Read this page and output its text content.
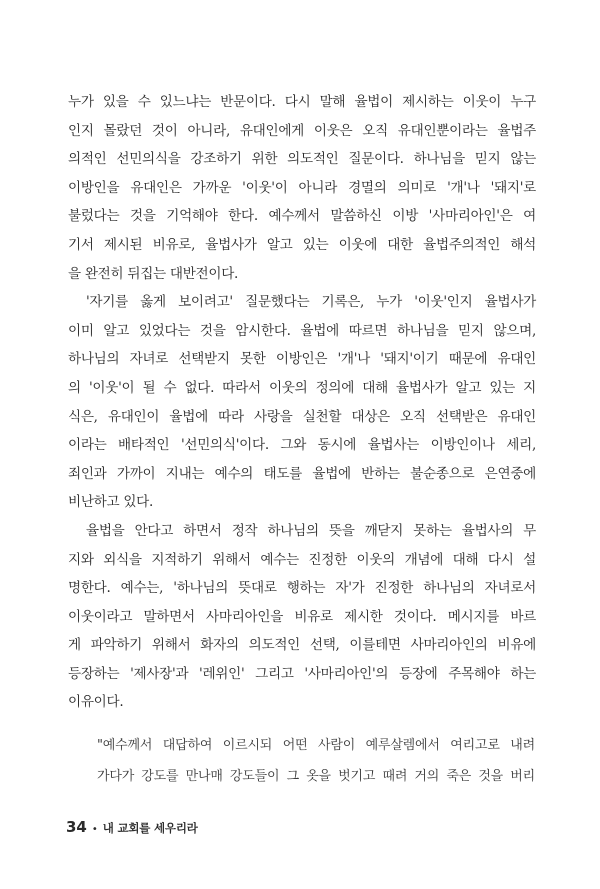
누가 있을 수 있느냐는 반문이다. 다시 말해 율법이 제시하는 이웃이 누구
인지 몰랐던 것이 아니라, 유대인에게 이웃은 오직 유대인뿐이라는 율법주
의적인 선민의식을 강조하기 위한 의도적인 질문이다. 하나님을 믿지 않는
이방인을 유대인은 가까운 '이웃'이 아니라 경멸의 의미로 '개'나 '돼지'로
불렀다는 것을 기억해야 한다. 예수께서 말씀하신 이방 '사마리아인'은 여
기서 제시된 비유로, 율법사가 알고 있는 이웃에 대한 율법주의적인 해석
을 완전히 뒤집는 대반전이다.
'자기를 옳게 보이려고' 질문했다는 기록은, 누가 '이웃'인지 율법사가
이미 알고 있었다는 것을 암시한다. 율법에 따르면 하나님을 믿지 않으며,
하나님의 자녀로 선택받지 못한 이방인은 '개'나 '돼지'이기 때문에 유대인
의 '이웃'이 될 수 없다. 따라서 이웃의 정의에 대해 율법사가 알고 있는 지
식은, 유대인이 율법에 따라 사랑을 실천할 대상은 오직 선택받은 유대인
이라는 배타적인 '선민의식'이다. 그와 동시에 율법사는 이방인이나 세리,
죄인과 가까이 지내는 예수의 태도를 율법에 반하는 불순종으로 은연중에
비난하고 있다.
율법을 안다고 하면서 정작 하나님의 뜻을 깨닫지 못하는 율법사의 무
지와 외식을 지적하기 위해서 예수는 진정한 이웃의 개념에 대해 다시 설
명한다. 예수는, '하나님의 뜻대로 행하는 자'가 진정한 하나님의 자녀로서
이웃이라고 말하면서 사마리아인을 비유로 제시한 것이다. 메시지를 바르
게 파악하기 위해서 화자의 의도적인 선택, 이를테면 사마리아인의 비유에
등장하는 '제사장'과 '레위인' 그리고 '사마리아인'의 등장에 주목해야 하는
이유이다.
"예수께서 대답하여 이르시되 어떤 사람이 예루살렘에서 여리고로 내려
가다가 강도를 만나매 강도들이 그 옷을 벗기고 때려 거의 죽은 것을 버리
34 • 내 교회를 세우리라
